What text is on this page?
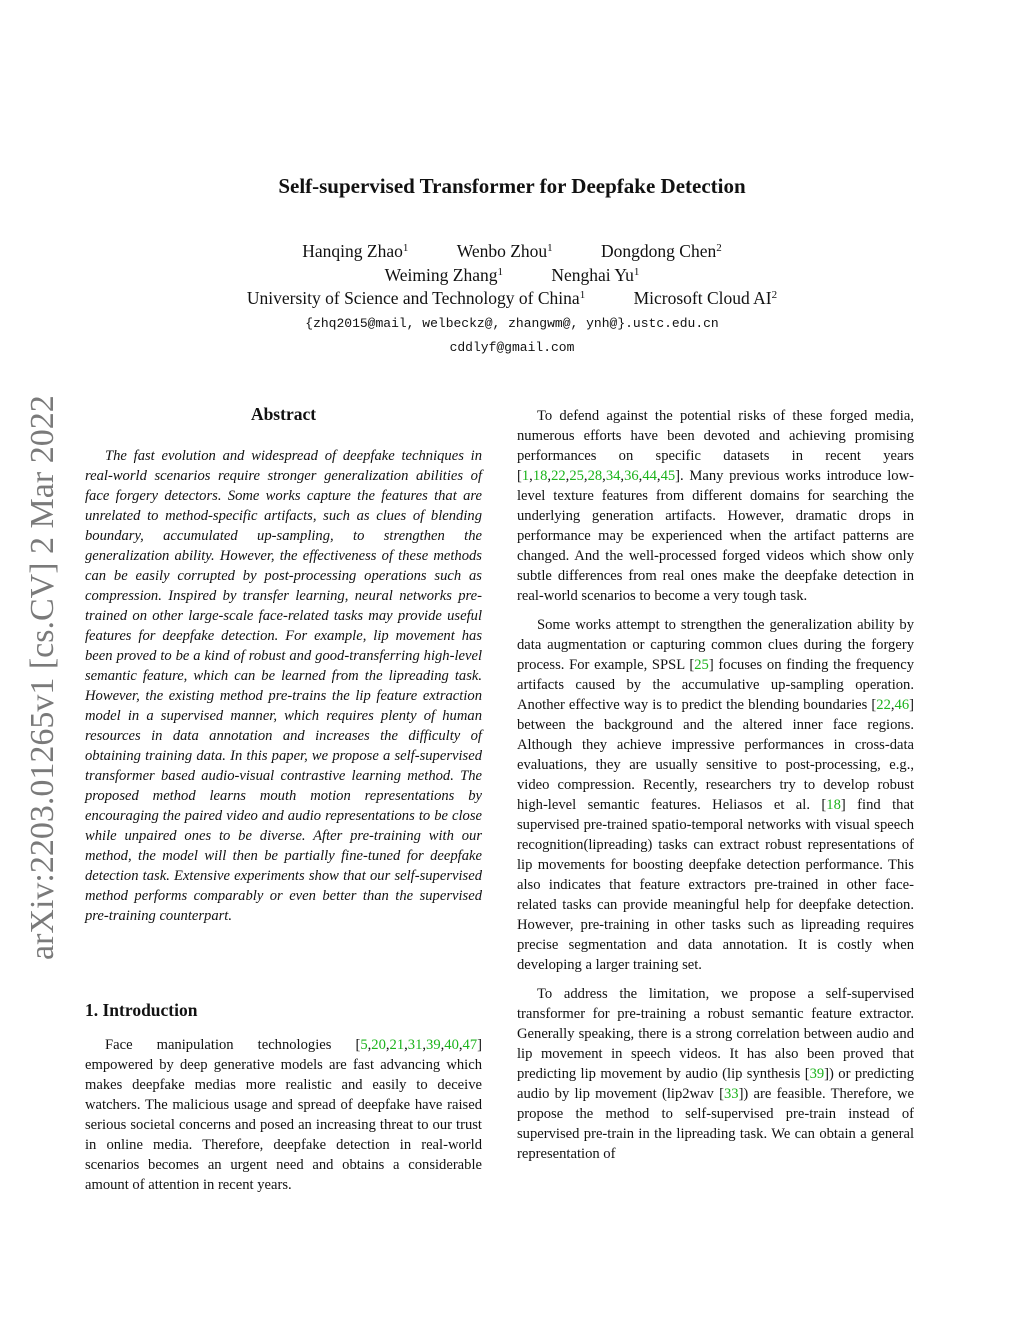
arXiv:2203.01265v1 [cs.CV] 2 Mar 2022
Self-supervised Transformer for Deepfake Detection
Hanqing Zhao$^1$	Wenbo Zhou$^1$	Dongdong Chen$^2$
Weiming Zhang$^1$	Nenghai Yu$^1$
University of Science and Technology of China$^1$	Microsoft Cloud $AI^2$
{zhq2015@mail, welbeckz@, zhangwm@, ynh@}.ustc.edu.cn
cddlyf@gmail.com
Abstract

The fast evolution and widespread of deepfake techniques in real-world scenarios require stronger generalization abilities of face forgery detectors. Some works capture the features that are unrelated to method-specific artifacts, such as clues of blending boundary, accumulated up-sampling, to strengthen the generalization ability. However, the effectiveness of these methods can be easily corrupted by post-processing operations such as compression. Inspired by transfer learning, neural networks pre-trained on other large-scale face-related tasks may provide useful features for deepfake detection. For example, lip movement has been proved to be a kind of robust and good-transferring high-level semantic feature, which can be learned from the lipreading task. However, the existing method pre-trains the lip feature extraction model in a supervised manner, which requires plenty of human resources in data annotation and increases the difficulty of obtaining training data. In this paper, we propose a self-supervised transformer based audio-visual contrastive learning method. The proposed method learns mouth motion representations by encouraging the paired video and audio representations to be close while unpaired ones to be diverse. After pre-training with our method, the model will then be partially fine-tuned for deepfake detection task. Extensive experiments show that our self-supervised method performs comparably or even better than the supervised pre-training counterpart.

1. Introduction

Face manipulation technologies [5,20,21,31,39,40,47] empowered by deep generative models are fast advancing which makes deepfake medias more realistic and easily to deceive watchers. The malicious usage and spread of deepfake have raised serious societal concerns and posed an increasing threat to our trust in online media. Therefore, deepfake detection in real-world scenarios becomes an urgent need and obtains a considerable amount of attention in recent years.

To defend against the potential risks of these forged media, numerous efforts have been devoted and achieving promising performances on specific datasets in recent years [1,18,22,25,28,34,36,44,45]. Many previous works introduce low-level texture features from different domains for searching the underlying generation artifacts. However, dramatic drops in performance may be experienced when the artifact patterns are changed. And the well-processed forged videos which show only subtle differences from real ones make the deepfake detection in real-world scenarios to become a very tough task.

Some works attempt to strengthen the generalization ability by data augmentation or capturing common clues during the forgery process. For example, SPSL [25] focuses on finding the frequency artifacts caused by the accumulative up-sampling operation. Another effective way is to predict the blending boundaries [22,46] between the background and the altered inner face regions. Although they achieve impressive performances in cross-data evaluations, they are usually sensitive to post-processing, e.g., video compression. Recently, researchers try to develop robust high-level semantic features. Heliasos et al. [18] find that supervised pre-trained spatio-temporal networks with visual speech recognition(lipreading) tasks can extract robust representations of lip movements for boosting deepfake detection performance. This also indicates that feature extractors pre-trained in other face-related tasks can provide meaningful help for deepfake detection. However, pre-training in other tasks such as lipreading requires precise segmentation and data annotation. It is costly when developing a larger training set.

To address the limitation, we propose a self-supervised transformer for pre-training a robust semantic feature extractor. Generally speaking, there is a strong correlation between audio and lip movement in speech videos. It has also been proved that predicting lip movement by audio (lip synthesis [39]) or predicting audio by lip movement (lip2wav [33]) are feasible. Therefore, we propose the method to self-supervised pre-train instead of supervised pre-train in the lipreading task. We can obtain a general representation of
